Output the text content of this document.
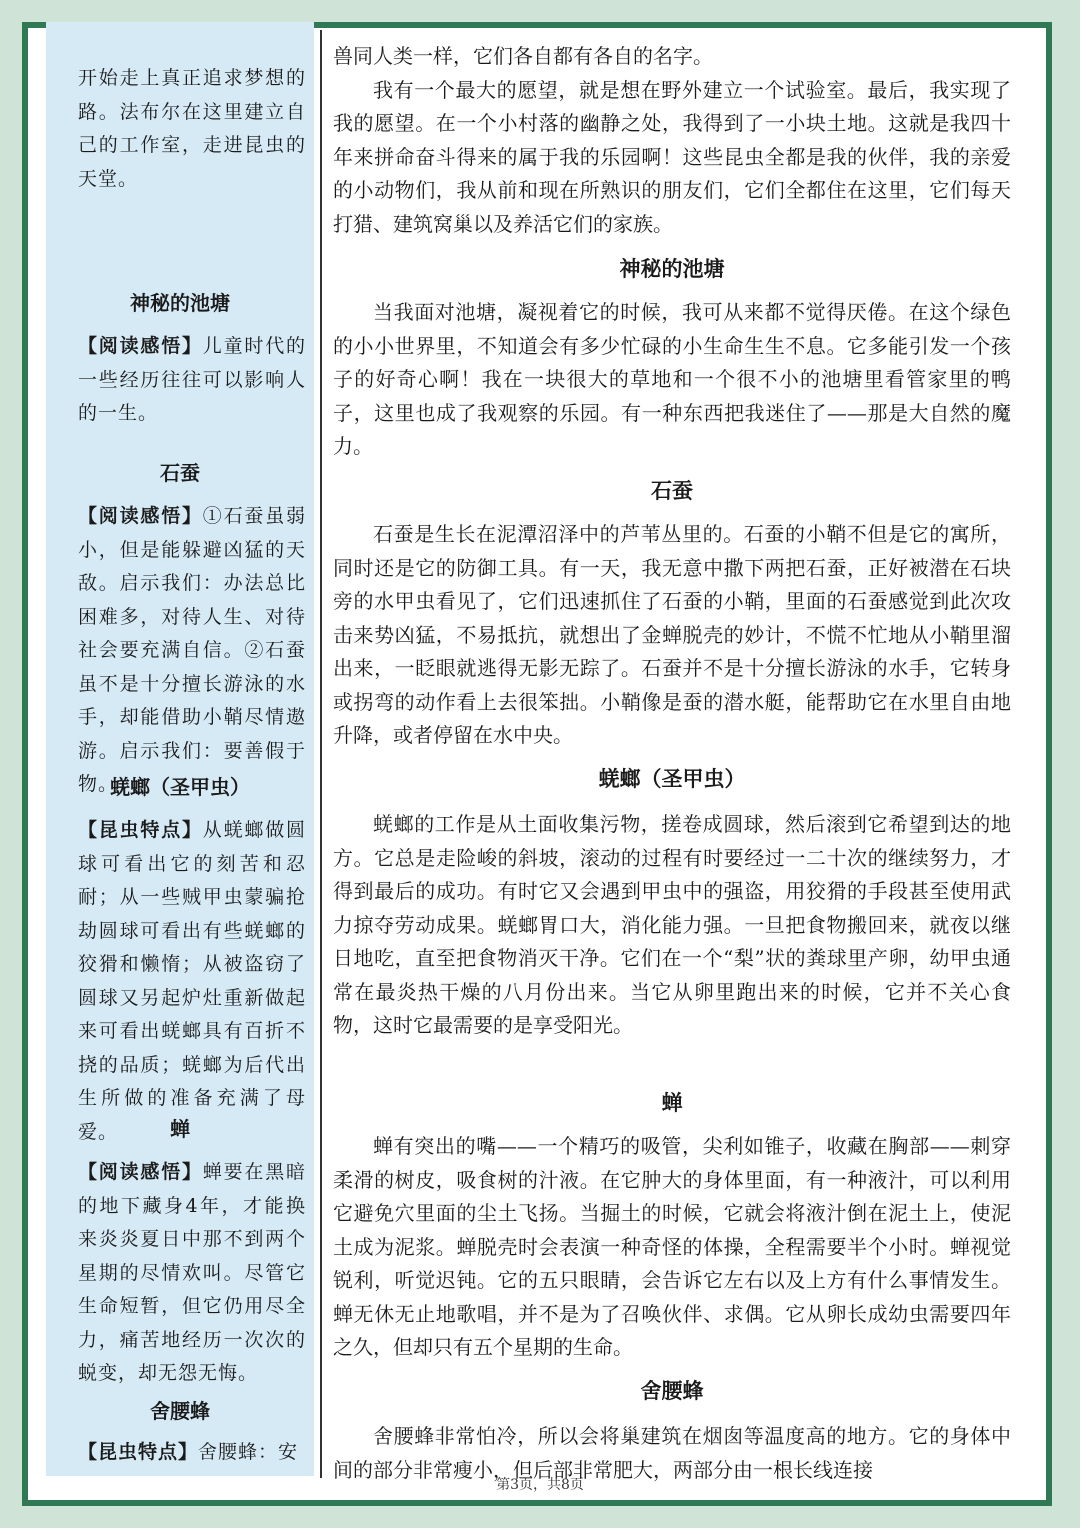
开始走上真正追求梦想的路。法布尔在这里建立自己的工作室，走进昆虫的天堂。
神秘的池塘
【阅读感悟】儿童时代的一些经历往往可以影响人的一生。
石蚕
【阅读感悟】①石蚕虽弱小，但是能躲避凶猛的天敌。启示我们：办法总比困难多，对待人生、对待社会要充满自信。②石蚕虽不是十分擅长游泳的水手，却能借助小鞘尽情遨游。启示我们：要善假于物。
蜣螂（圣甲虫）
【昆虫特点】从蜣螂做圆球可看出它的刻苦和忍耐；从一些贼甲虫蒙骗抢劫圆球可看出有些蜣螂的狡猾和懒惰；从被盗窃了圆球又另起炉灶重新做起来可看出蜣螂具有百折不挠的品质；蜣螂为后代出生所做的准备充满了母爱。	蝉
【阅读感悟】蝉要在黑暗的地下藏身4年，才能换来炎炎夏日中那不到两个星期的尽情欢叫。尽管它生命短暂，但它仍用尽全力，痛苦地经历一次次的蜕变，却无怨无悔。
舍腰蜂
【昆虫特点】舍腰蜂：安

兽同人类一样，它们各自都有各自的名字。

我有一个最大的愿望，就是想在野外建立一个试验室。最后，我实现了我的愿望。在一个小村落的幽静之处，我得到了一小块土地。这就是我四十年来拼命奋斗得来的属于我的乐园啊！这些昆虫全都是我的伙伴，我的亲爱的小动物们，我从前和现在所熟识的朋友们，它们全都住在这里，它们每天打猎、建筑窝巢以及养活它们的家族。

神秘的池塘

当我面对池塘，凝视着它的时候，我可从来都不觉得厌倦。在这个绿色的小小世界里，不知道会有多少忙碌的小生命生生不息。它多能引发一个孩子的好奇心啊！我在一块很大的草地和一个很不小的池塘里看管家里的鸭子，这里也成了我观察的乐园。有一种东西把我迷住了——那是大自然的魔力。

石蚕

石蚕是生长在泥潭沼泽中的芦苇丛里的。石蚕的小鞘不但是它的寓所，同时还是它的防御工具。有一天，我无意中撒下两把石蚕，正好被潜在石块旁的水甲虫看见了，它们迅速抓住了石蚕的小鞘，里面的石蚕感觉到此次攻击来势凶猛，不易抵抗，就想出了金蝉脱壳的妙计，不慌不忙地从小鞘里溜出来，一眨眼就逃得无影无踪了。石蚕并不是十分擅长游泳的水手，它转身或拐弯的动作看上去很笨拙。小鞘像是蚕的潜水艇，能帮助它在水里自由地升降，或者停留在水中央。

蜣螂（圣甲虫）

蜣螂的工作是从土面收集污物，搓卷成圆球，然后滚到它希望到达的地方。它总是走险峻的斜坡，滚动的过程有时要经过一二十次的继续努力，才得到最后的成功。有时它又会遇到甲虫中的强盗，用狡猾的手段甚至使用武力掠夺劳动成果。蜣螂胃口大，消化能力强。一旦把食物搬回来，就夜以继日地吃，直至把食物消灭干净。它们在一个“梨”状的粪球里产卵，幼甲虫通常在最炎热干燥的八月份出来。当它从卵里跑出来的时候，它并不关心食物，这时它最需要的是享受阳光。

蝉

蝉有突出的嘴——一个精巧的吸管，尖利如锥子，收藏在胸部——刺穿柔滑的树皮，吸食树的汁液。在它肿大的身体里面，有一种液汁，可以利用它避免穴里面的尘土飞扬。当掘土的时候，它就会将液汁倒在泥土上，使泥土成为泥浆。蝉脱壳时会表演一种奇怪的体操，全程需要半个小时。蝉视觉锐利，听觉迟钝。它的五只眼睛，会告诉它左右以及上方有什么事情发生。蝉无休无止地歌唱，并不是为了召唤伙伴、求偶。它从卵长成幼虫需要四年之久，但却只有五个星期的生命。

舍腰蜂

舍腰蜂非常怕冷，所以会将巢建筑在烟囱等温度高的地方。它的身体中间的部分非常瘦小，但后部非常肥大，两部分由一根长线连接

第3页，共8页
